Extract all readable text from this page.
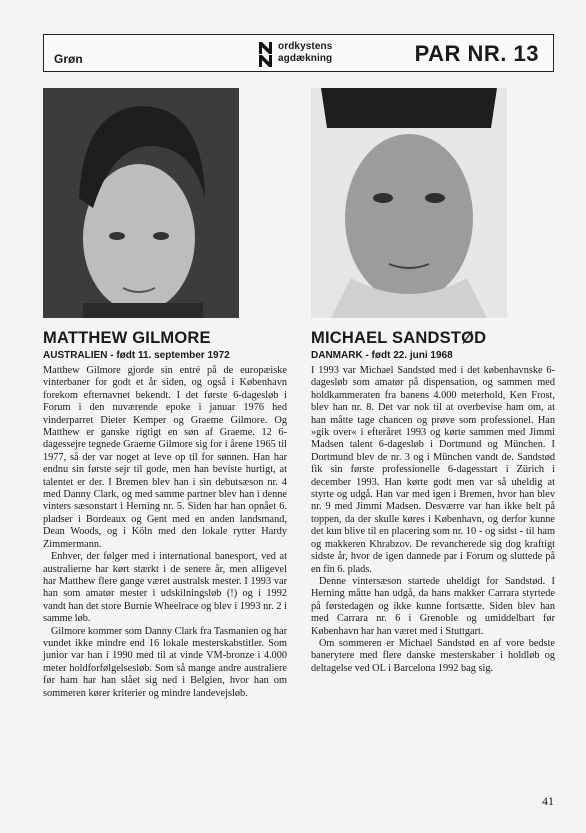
Grøn
ordkystens
agdækning	PAR NR. 13
MATTHEW GILMORE
AUSTRALIEN - født 11. september 1972

Matthew Gilmore gjorde sin entré på de europæiske vinterbaner for godt et år siden, og også i København forekom efternavnet bekendt. I det første 6-dagesløb i Forum i den nuværende epoke i januar 1976 hed vinderparret Dieter Kemper og Graeme Gilmore. Og Matthew er ganske rigtigt en søn af Graeme. 12 6-dagessejre tegnede Graeme Gilmore sig for i årene 1965 til 1977, så der var noget at leve op til for sønnen. Han har endnu sin første sejr til gode, men han beviste hurtigt, at talentet er der. I Bremen blev han i sin debutsæson nr. 4 med Danny Clark, og med samme partner blev han i denne vinters sæsonstart i Herning nr. 5. Siden har han opnået 6. pladser i Bordeaux og Gent med en anden landsmand, Dean Woods, og i Köln med den lokale rytter Hardy Zimmermann.

Enhver, der følger med i international banesport, ved at australierne har kørt stærkt i de senere år, men alligevel har Matthew flere gange været australsk mester. I 1993 var han som amatør mester i udskilningsløb (!) og i 1992 vandt han det store Burnie Wheelrace og blev i 1993 nr. 2 i samme løb.

Gilmore kommer som Danny Clark fra Tasmanien og har vundet ikke mindre end 16 lokale mesterskabstitler. Som junior var han i 1990 med til at vinde VM-bronze i 4.000 meter holdforfølgelsesløb. Som så mange andre australiere før ham har han slået sig ned i Belgien, hvor han om sommeren kører kriterier og mindre landevejsløb.

MICHAEL SANDSTØD
DANMARK - født 22. juni 1968

I 1993 var Michael Sandstød med i det københavnske 6-dagesløb som amatør på dispensation, og sammen med holdkammeraten fra banens 4.000 meterhold, Ken Frost, blev han nr. 8. Det var nok til at overbevise ham om, at han måtte tage chancen og prøve som professionel. Han »gik over« i efteråret 1993 og kørte sammen med Jimmi Madsen talent 6-dagesløb i Dortmund og München. I Dortmund blev de nr. 3 og i München vandt de. Sandstød fik sin første professionelle 6-dagesstart i Zürich i december 1993. Han kørte godt men var så uheldig at styrte og udgå. Han var med igen i Bremen, hvor han blev nr. 9 med Jimmi Madsen. Desværre var han ikke helt på toppen, da der skulle køres i København, og derfor kunne det kun blive til en placering som nr. 10 - og sidst - til ham og makkeren Khrabzov. De revancherede sig dog kraftigt sidste år, hvor de igen dannede par i Forum og sluttede på en fin 6. plads.

Denne vintersæson startede uheldigt for Sandstød. I Herning måtte han udgå, da hans makker Carrara styrtede på førstedagen og ikke kunne fortsætte. Siden blev han med Carrara nr. 6 i Grenoble og umiddelbart før København har han været med i Stuttgart.

Om sommeren er Michael Sandstød en af vore bedste banerytere med flere danske mesterskaber i holdløb og deltagelse ved OL i Barcelona 1992 bag sig.

41
